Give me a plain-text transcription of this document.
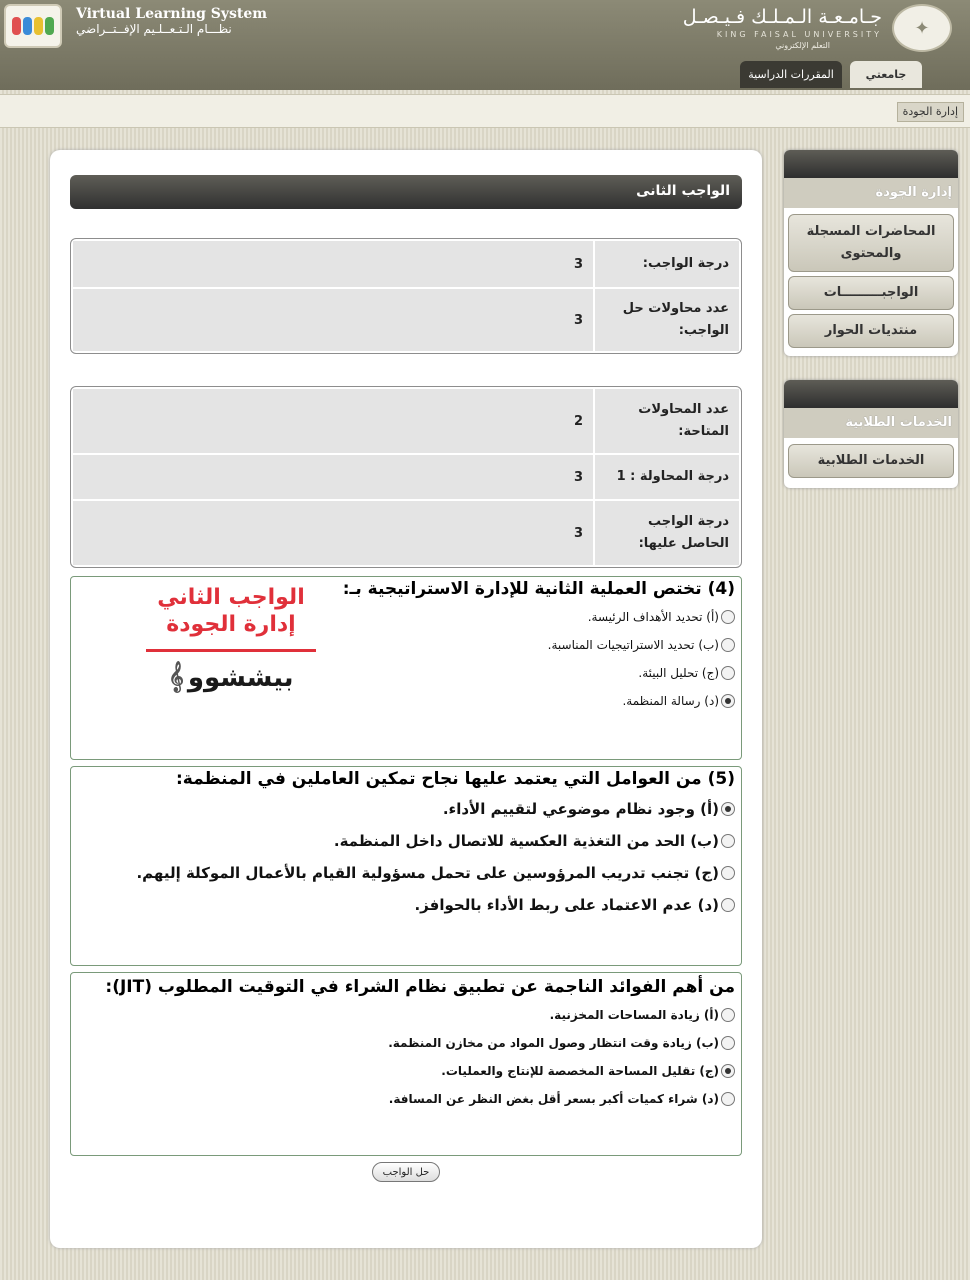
Virtual Learning System
نظـــام الـتـعــلـيم الإفــتــراضي	✦
جـامـعـة الـمـلـك فـيـصـل
KING FAISAL UNIVERSITY
التعلم الإلكتروني
جامعتي
المقررات الدراسية
إدارة الجودة
الواجب الثانى
درجة الواجب:
3
عدد محاولات حل الواجب:
3
عدد المحاولات المتاحة:
2
درجة المحاولة : 1
3
درجة الواجب الحاصل عليها:
3
(4) تختص العملية الثانية للإدارة الاستراتيجية بـ:
(أ) تحديد الأهداف الرئيسة.
(ب) تحديد الاستراتيجيات المناسبة.
(ج) تحليل البيئة.
(د) رسالة المنظمة.
الواجب الثاني
إدارة الجودة
بيششوو
𝄞
(5) من العوامل التي يعتمد عليها نجاح تمكين العاملين في المنظمة:
(أ) وجود نظام موضوعي لتقييم الأداء.
(ب) الحد من التغذية العكسية للاتصال داخل المنظمة.
(ج) تجنب تدريب المرؤوسين على تحمل مسؤولية القيام بالأعمال الموكلة إليهم.
(د) عدم الاعتماد على ربط الأداء بالحوافز.
من أهم الفوائد الناجمة عن تطبيق نظام الشراء في التوقيت المطلوب (JIT):
(أ) زيادة المساحات المخزنية.
(ب) زيادة وقت انتظار وصول المواد من مخازن المنظمة.
(ج) تقليل المساحة المخصصة للإنتاج والعمليات.
(د) شراء كميات أكبر بسعر أقل بغض النظر عن المسافة.
حل الواجب
إدارة الجودة
المحاضرات المسجلة والمحتوى
الواجبـــــــــات
منتديات الحوار
الخدمات الطلابية
الخدمات الطلابية
